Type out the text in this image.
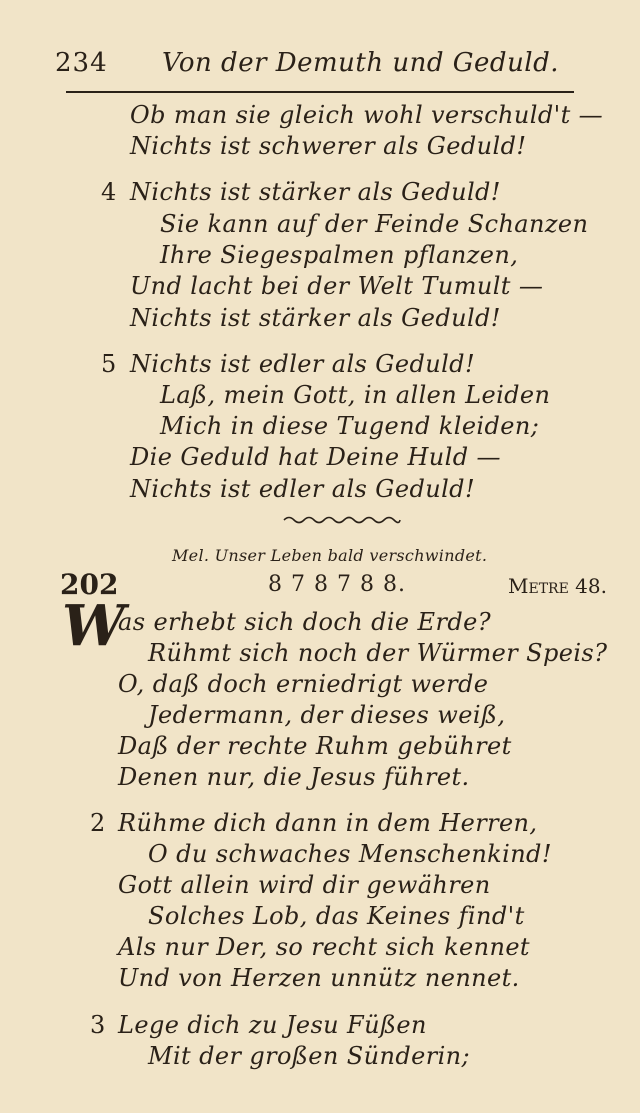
234 Von der Demuth und Geduld.
Ob man sie gleich wohl verschuld't —
Nichts ist schwerer als Geduld!
4 Nichts ist stärker als Geduld!
Sie kann auf der Feinde Schanzen
Ihre Siegespalmen pflanzen,
Und lacht bei der Welt Tumult —
Nichts ist stärker als Geduld!
5 Nichts ist edler als Geduld!
Laß, mein Gott, in allen Leiden
Mich in diese Tugend kleiden;
Die Geduld hat Deine Huld —
Nichts ist edler als Geduld!
Mel. Unser Leben bald verschwindet.
202	8 7 8 7 8 8.	Metre 48.
W
as erhebt sich doch die Erde?
Rühmt sich noch der Würmer Speis?
O, daß doch erniedrigt werde
Jedermann, der dieses weiß,
Daß der rechte Ruhm gebühret
Denen nur, die Jesus führet.
2 Rühme dich dann in dem Herren,
O du schwaches Menschenkind!
Gott allein wird dir gewähren
Solches Lob, das Keines find't
Als nur Der, so recht sich kennet
Und von Herzen unnütz nennet.
3 Lege dich zu Jesu Füßen
Mit der großen Sünderin;
